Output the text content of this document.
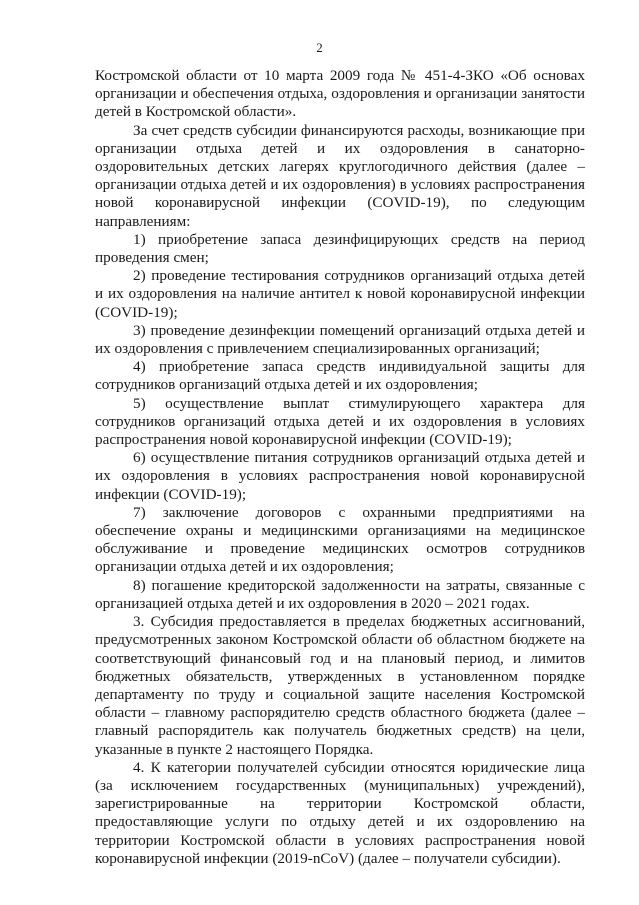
2

Костромской области от 10 марта 2009 года № 451-4-ЗКО «Об основах организации и обеспечения отдыха, оздоровления и организации занятости детей в Костромской области».

За счет средств субсидии финансируются расходы, возникающие при организации отдыха детей и их оздоровления в санаторно-оздоровительных детских лагерях круглогодичного действия (далее – организации отдыха детей и их оздоровления) в условиях распространения новой коронавирусной инфекции (COVID-19), по следующим направлениям:

1) приобретение запаса дезинфицирующих средств на период проведения смен;

2) проведение тестирования сотрудников организаций отдыха детей и их оздоровления на наличие антител к новой коронавирусной инфекции (COVID-19);

3) проведение дезинфекции помещений организаций отдыха детей и их оздоровления с привлечением специализированных организаций;

4) приобретение запаса средств индивидуальной защиты для сотрудников организаций отдыха детей и их оздоровления;

5) осуществление выплат стимулирующего характера для сотрудников организаций отдыха детей и их оздоровления в условиях распространения новой коронавирусной инфекции (COVID-19);

6) осуществление питания сотрудников организаций отдыха детей и их оздоровления в условиях распространения новой коронавирусной инфекции (COVID-19);

7) заключение договоров с охранными предприятиями на обеспечение охраны и медицинскими организациями на медицинское обслуживание и проведение медицинских осмотров сотрудников организации отдыха детей и их оздоровления;

8) погашение кредиторской задолженности на затраты, связанные с организацией отдыха детей и их оздоровления в 2020 – 2021 годах.

3. Субсидия предоставляется в пределах бюджетных ассигнований, предусмотренных законом Костромской области об областном бюджете на соответствующий финансовый год и на плановый период, и лимитов бюджетных обязательств, утвержденных в установленном порядке департаменту по труду и социальной защите населения Костромской области – главному распорядителю средств областного бюджета (далее – главный распорядитель как получатель бюджетных средств) на цели, указанные в пункте 2 настоящего Порядка.

4. К категории получателей субсидии относятся юридические лица (за исключением государственных (муниципальных) учреждений), зарегистрированные на территории Костромской области, предоставляющие услуги по отдыху детей и их оздоровлению на территории Костромской области в условиях распространения новой коронавирусной инфекции (2019-nCoV) (далее – получатели субсидии).
